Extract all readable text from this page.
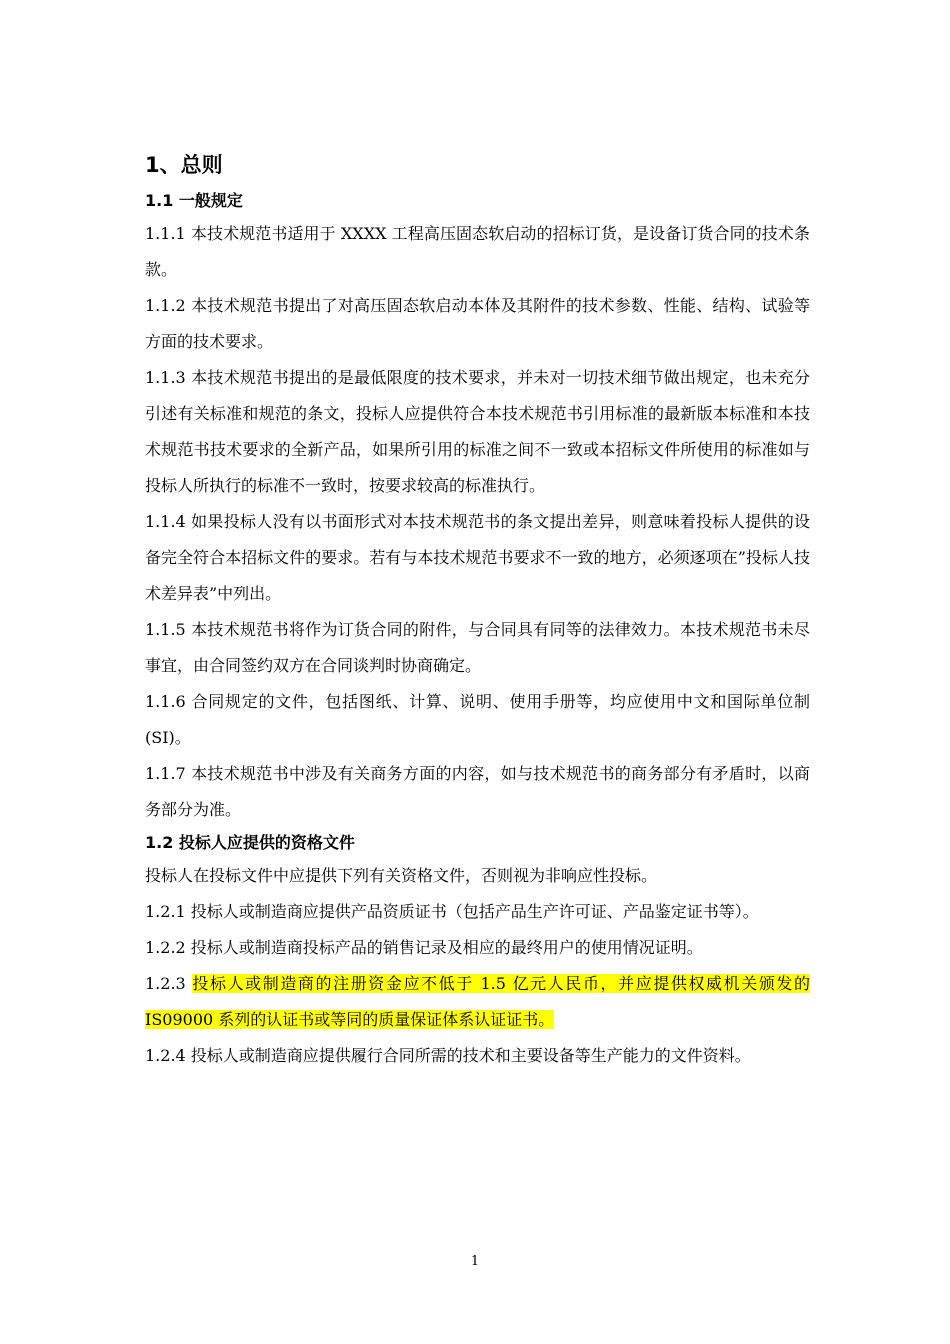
1、总则
1.1 一般规定

1.1.1 本技术规范书适用于 XXXX 工程高压固态软启动的招标订货，是设备订货合同的技术条款。

1.1.2 本技术规范书提出了对高压固态软启动本体及其附件的技术参数、性能、结构、试验等方面的技术要求。

1.1.3 本技术规范书提出的是最低限度的技术要求，并未对一切技术细节做出规定，也未充分引述有关标准和规范的条文，投标人应提供符合本技术规范书引用标准的最新版本标准和本技术规范书技术要求的全新产品，如果所引用的标准之间不一致或本招标文件所使用的标准如与投标人所执行的标准不一致时，按要求较高的标准执行。

1.1.4 如果投标人没有以书面形式对本技术规范书的条文提出差异，则意味着投标人提供的设备完全符合本招标文件的要求。若有与本技术规范书要求不一致的地方，必须逐项在”投标人技术差异表”中列出。

1.1.5 本技术规范书将作为订货合同的附件，与合同具有同等的法律效力。本技术规范书未尽事宜，由合同签约双方在合同谈判时协商确定。

1.1.6 合同规定的文件，包括图纸、计算、说明、使用手册等，均应使用中文和国际单位制(SI)。

1.1.7 本技术规范书中涉及有关商务方面的内容，如与技术规范书的商务部分有矛盾时，以商务部分为准。

1.2 投标人应提供的资格文件

投标人在投标文件中应提供下列有关资格文件，否则视为非响应性投标。

1.2.1 投标人或制造商应提供产品资质证书（包括产品生产许可证、产品鉴定证书等）。

1.2.2 投标人或制造商投标产品的销售记录及相应的最终用户的使用情况证明。

1.2.3 投标人或制造商的注册资金应不低于 1.5 亿元人民币，并应提供权威机关颁发的 IS09000 系列的认证书或等同的质量保证体系认证证书。

1.2.4 投标人或制造商应提供履行合同所需的技术和主要设备等生产能力的文件资料。

1
